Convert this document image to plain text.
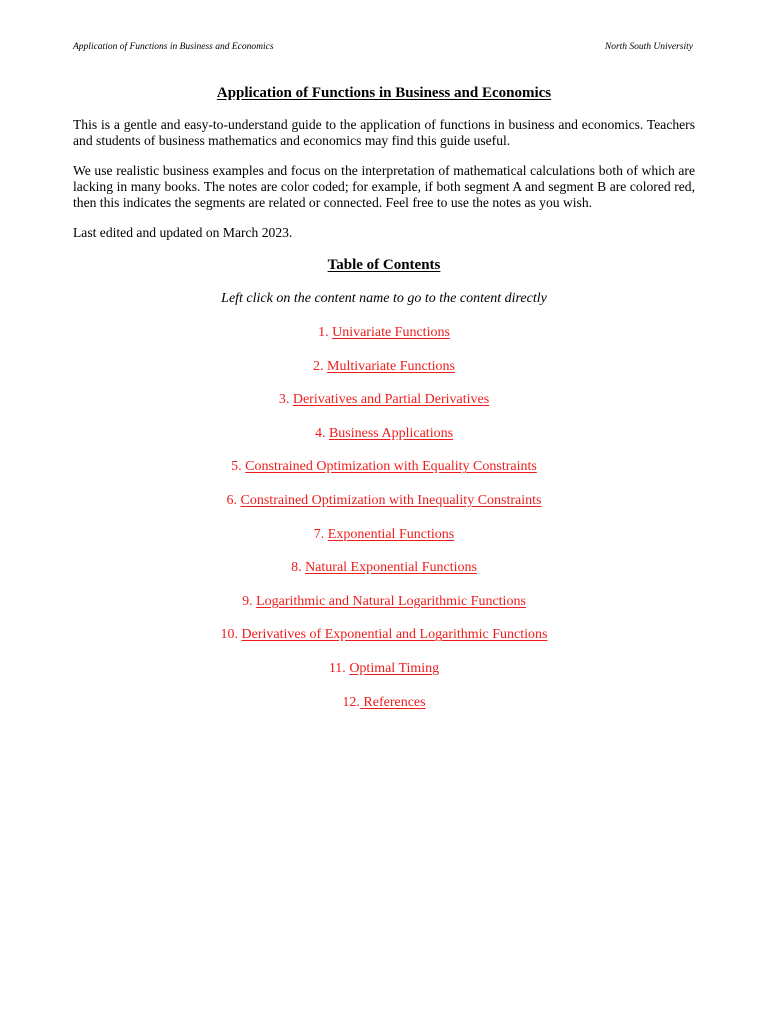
Application of Functions in Business and Economics	North South University
Application of Functions in Business and Economics
This is a gentle and easy-to-understand guide to the application of functions in business and economics. Teachers and students of business mathematics and economics may find this guide useful.
We use realistic business examples and focus on the interpretation of mathematical calculations both of which are lacking in many books. The notes are color coded; for example, if both segment A and segment B are colored red, then this indicates the segments are related or connected. Feel free to use the notes as you wish.
Last edited and updated on March 2023.
Table of Contents
Left click on the content name to go to the content directly
1. Univariate Functions
2. Multivariate Functions
3. Derivatives and Partial Derivatives
4. Business Applications
5. Constrained Optimization with Equality Constraints
6. Constrained Optimization with Inequality Constraints
7. Exponential Functions
8. Natural Exponential Functions
9. Logarithmic and Natural Logarithmic Functions
10. Derivatives of Exponential and Logarithmic Functions
11. Optimal Timing
12. References
